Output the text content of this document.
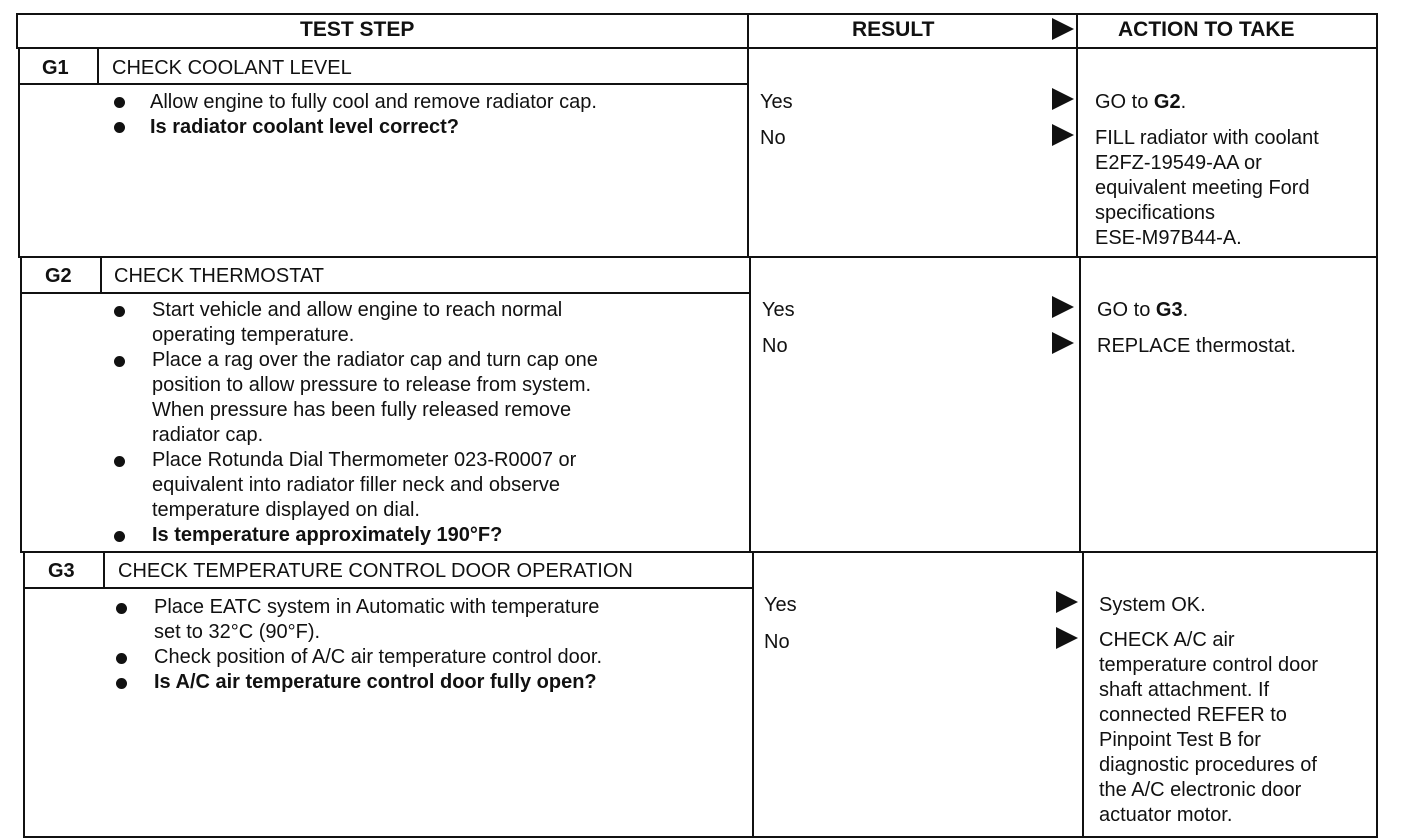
TEST STEP	RESULT	ACTION TO TAKE
G1 CHECK COOLANT LEVEL
Allow engine to fully cool and remove radiator cap.
Is radiator coolant level correct?
Yes
No
GO to G2.
FILL radiator with coolant
E2FZ-19549-AA or
equivalent meeting Ford
specifications
ESE-M97B44-A.
G2 CHECK THERMOSTAT
Start vehicle and allow engine to reach normal
operating temperature.
Place a rag over the radiator cap and turn cap one
position to allow pressure to release from system.
When pressure has been fully released remove
radiator cap.
Place Rotunda Dial Thermometer 023-R0007 or
equivalent into radiator filler neck and observe
temperature displayed on dial.
Is temperature approximately 190°F?
Yes
No
GO to G3.
REPLACE thermostat.
G3 CHECK TEMPERATURE CONTROL DOOR OPERATION
Place EATC system in Automatic with temperature
set to 32°C (90°F).
Check position of A/C air temperature control door.
Is A/C air temperature control door fully open?
Yes
No
System OK.
CHECK A/C air
temperature control door
shaft attachment. If
connected REFER to
Pinpoint Test B for
diagnostic procedures of
the A/C electronic door
actuator motor.
